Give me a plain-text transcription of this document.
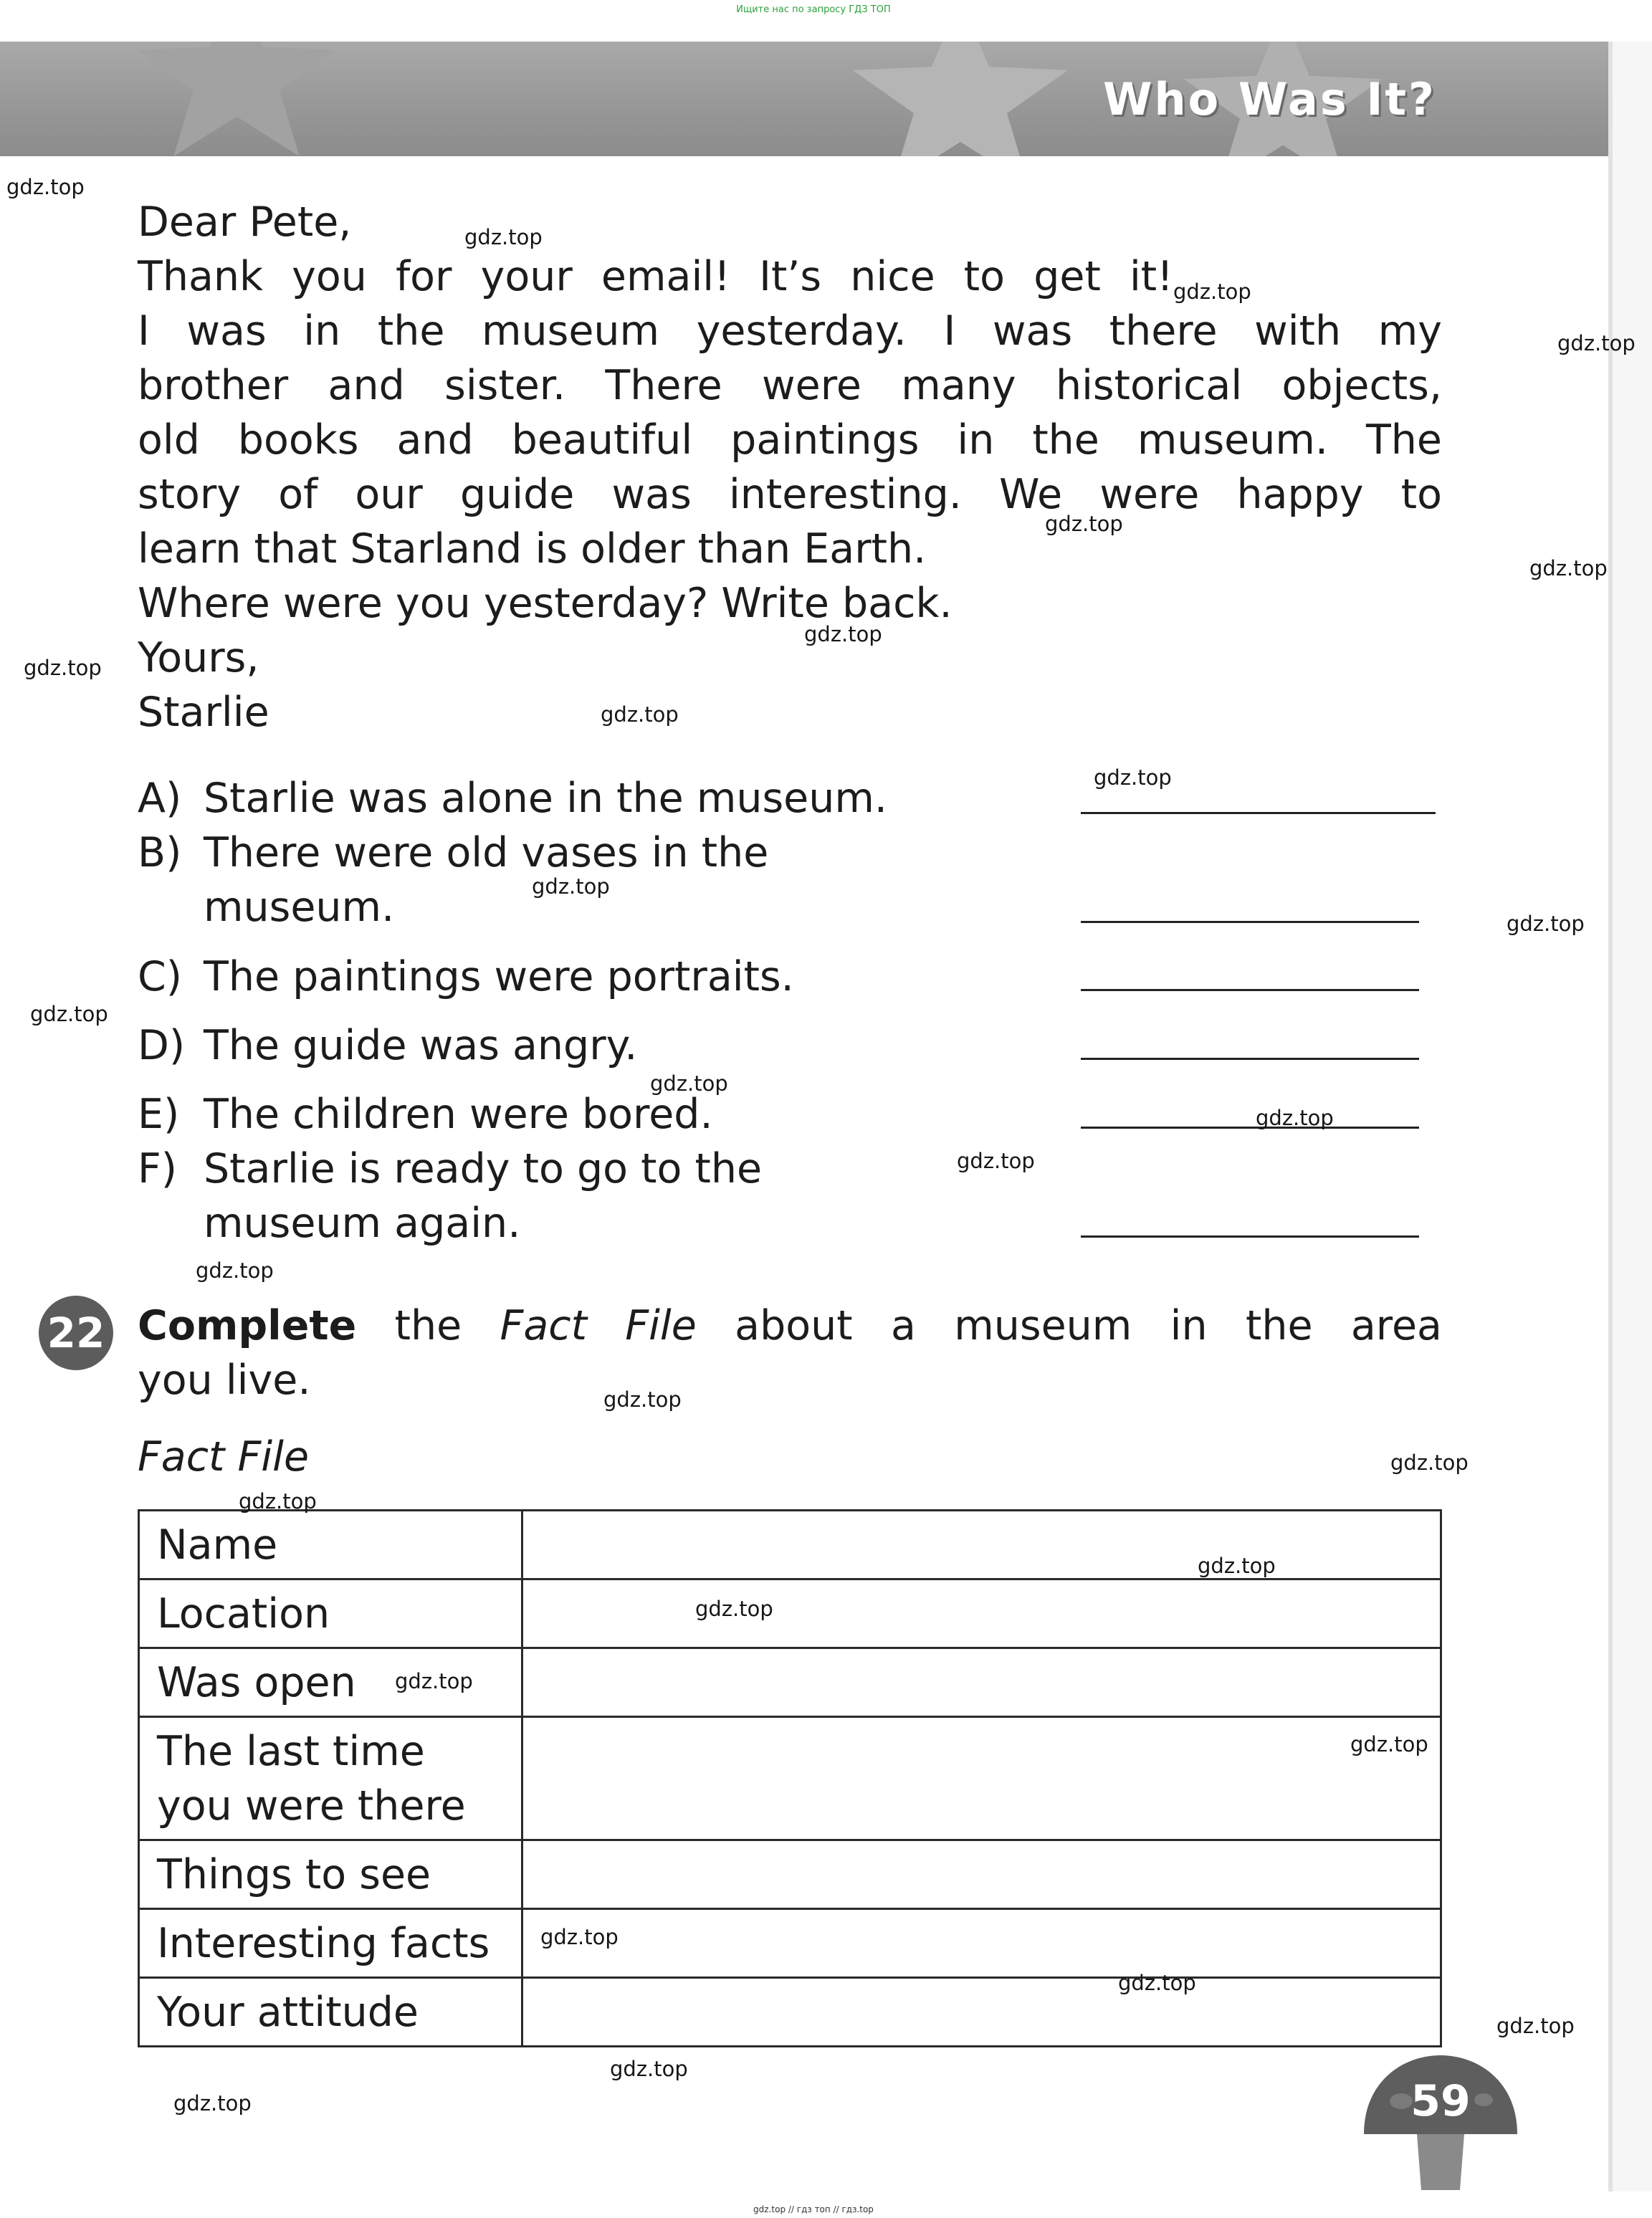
Ищите нас по запросу ГДЗ ТОП
Who Was It?

Dear Pete,

Thank you for your email! It’s nice to get it!

I was in the museum yesterday. I was there with my

brother and sister. There were many historical objects,

old books and beautiful paintings in the museum. The

story of our guide was interesting. We were happy to

learn that Starland is older than Earth.

Where were you yesterday? Write back.

Yours,

Starlie

A) Starlie was alone in the museum.
B) There were old vases in the
museum.
C) The paintings were portraits.
D) The guide was angry.
E) The children were bored.
F) Starlie is ready to go to the
museum again.
22 Complete the Fact File about a museum in the area
you live.
Fact File
Name	
Location	
Was open	

The last time
you were there	

Things to see	
Interesting facts	
Your attitude	
59
gdz.top
gdz.top
gdz.top
gdz.top
gdz.top
gdz.top
gdz.top
gdz.top
gdz.top
gdz.top
gdz.top
gdz.top
gdz.top
gdz.top
gdz.top
gdz.top
gdz.top
gdz.top
gdz.top
gdz.top
gdz.top
gdz.top
gdz.top
gdz.top
gdz.top
gdz.top
gdz.top
gdz.top
gdz.top
gdz.top // гдз топ // гдз.top
